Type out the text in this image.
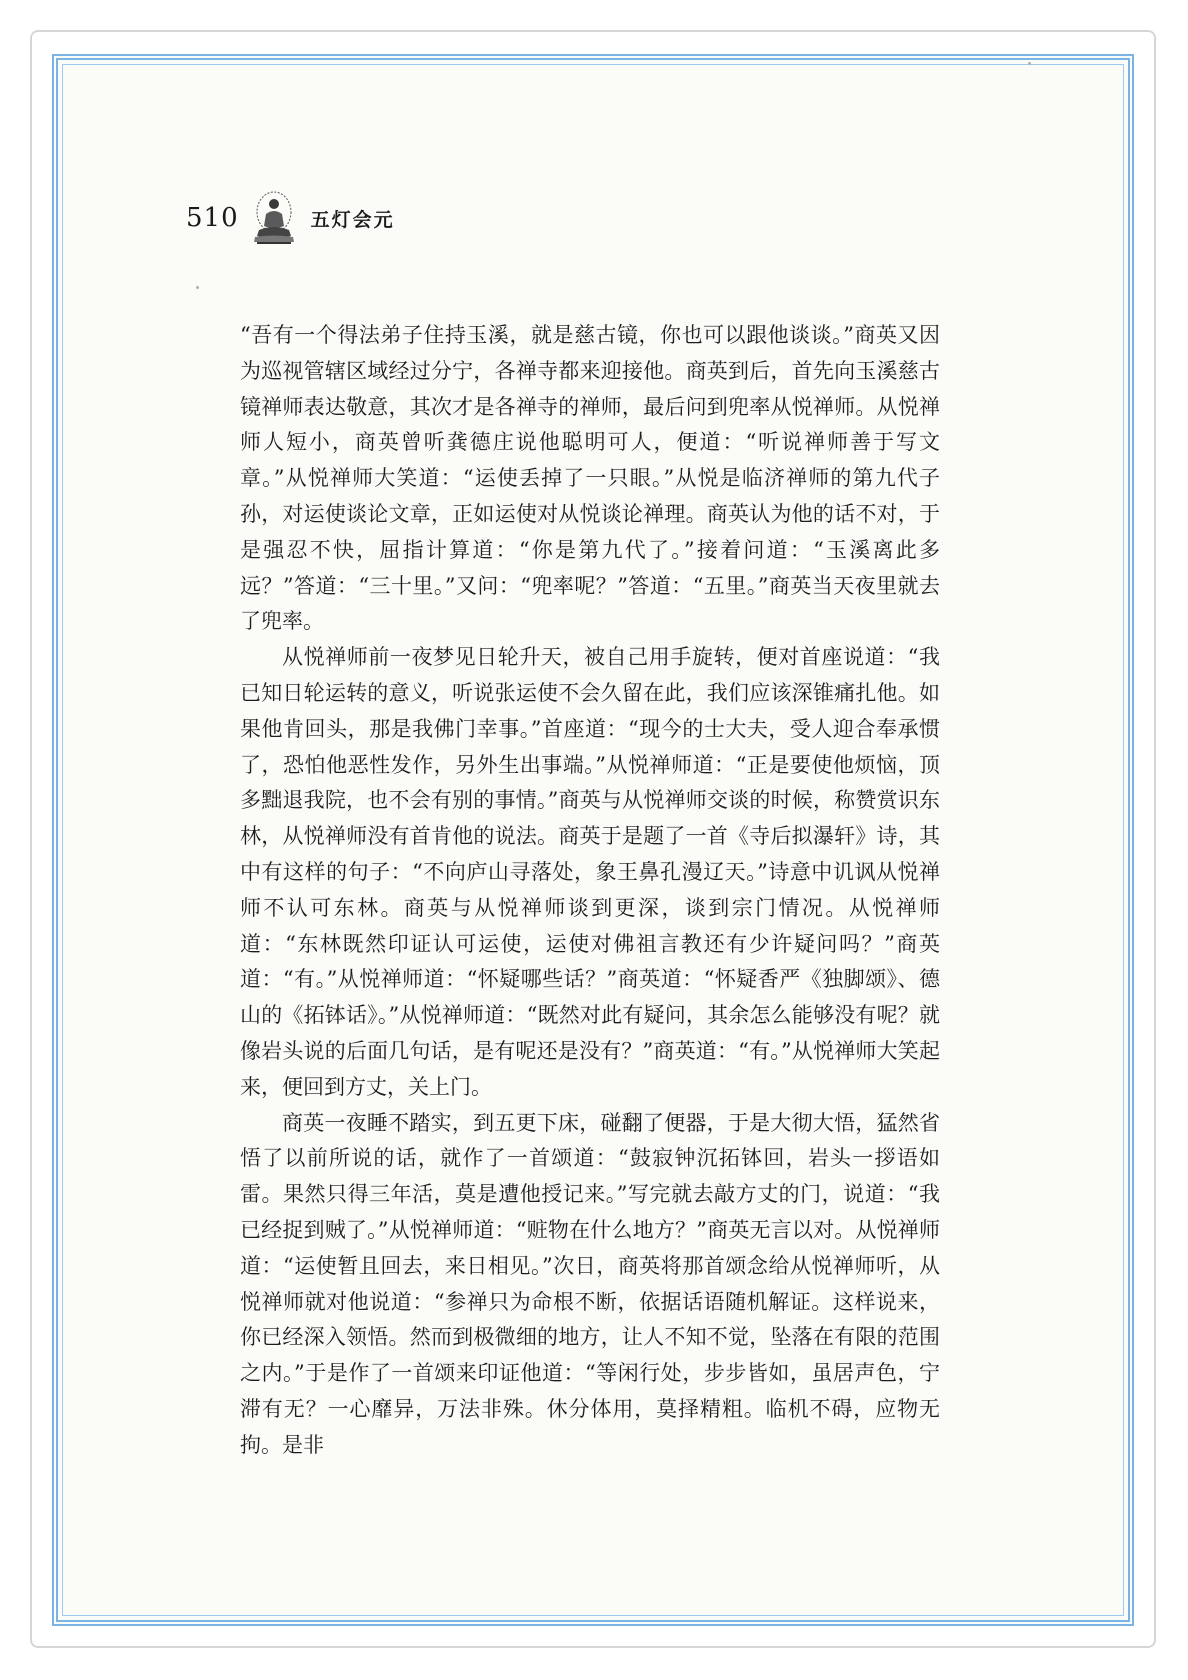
510	五灯会元

“吾有一个得法弟子住持玉溪，就是慈古镜，你也可以跟他谈谈。”商英又因为巡视管辖区域经过分宁，各禅寺都来迎接他。商英到后，首先向玉溪慈古镜禅师表达敬意，其次才是各禅寺的禅师，最后问到兜率从悦禅师。从悦禅师人短小，商英曾听龚德庄说他聪明可人，便道：“听说禅师善于写文章。”从悦禅师大笑道：“运使丢掉了一只眼。”从悦是临济禅师的第九代子孙，对运使谈论文章，正如运使对从悦谈论禅理。商英认为他的话不对，于是强忍不快，屈指计算道：“你是第九代了。”接着问道：“玉溪离此多远？”答道：“三十里。”又问：“兜率呢？”答道：“五里。”商英当天夜里就去了兜率。

从悦禅师前一夜梦见日轮升天，被自己用手旋转，便对首座说道：“我已知日轮运转的意义，听说张运使不会久留在此，我们应该深锥痛扎他。如果他肯回头，那是我佛门幸事。”首座道：“现今的士大夫，受人迎合奉承惯了，恐怕他恶性发作，另外生出事端。”从悦禅师道：“正是要使他烦恼，顶多黜退我院，也不会有别的事情。”商英与从悦禅师交谈的时候，称赞赏识东林，从悦禅师没有首肯他的说法。商英于是题了一首《寺后拟瀑轩》诗，其中有这样的句子：“不向庐山寻落处，象王鼻孔漫辽天。”诗意中讥讽从悦禅师不认可东林。商英与从悦禅师谈到更深，谈到宗门情况。从悦禅师道：“东林既然印证认可运使，运使对佛祖言教还有少许疑问吗？”商英道：“有。”从悦禅师道：“怀疑哪些话？”商英道：“怀疑香严《独脚颂》、德山的《拓钵话》。”从悦禅师道：“既然对此有疑问，其余怎么能够没有呢？就像岩头说的后面几句话，是有呢还是没有？”商英道：“有。”从悦禅师大笑起来，便回到方丈，关上门。

商英一夜睡不踏实，到五更下床，碰翻了便器，于是大彻大悟，猛然省悟了以前所说的话，就作了一首颂道：“鼓寂钟沉拓钵回，岩头一拶语如雷。果然只得三年活，莫是遭他授记来。”写完就去敲方丈的门，说道：“我已经捉到贼了。”从悦禅师道：“赃物在什么地方？”商英无言以对。从悦禅师道：“运使暂且回去，来日相见。”次日，商英将那首颂念给从悦禅师听，从悦禅师就对他说道：“参禅只为命根不断，依据话语随机解证。这样说来，你已经深入领悟。然而到极微细的地方，让人不知不觉，坠落在有限的范围之内。”于是作了一首颂来印证他道：“等闲行处，步步皆如，虽居声色，宁滞有无？一心靡异，万法非殊。休分体用，莫择精粗。临机不碍，应物无拘。是非
